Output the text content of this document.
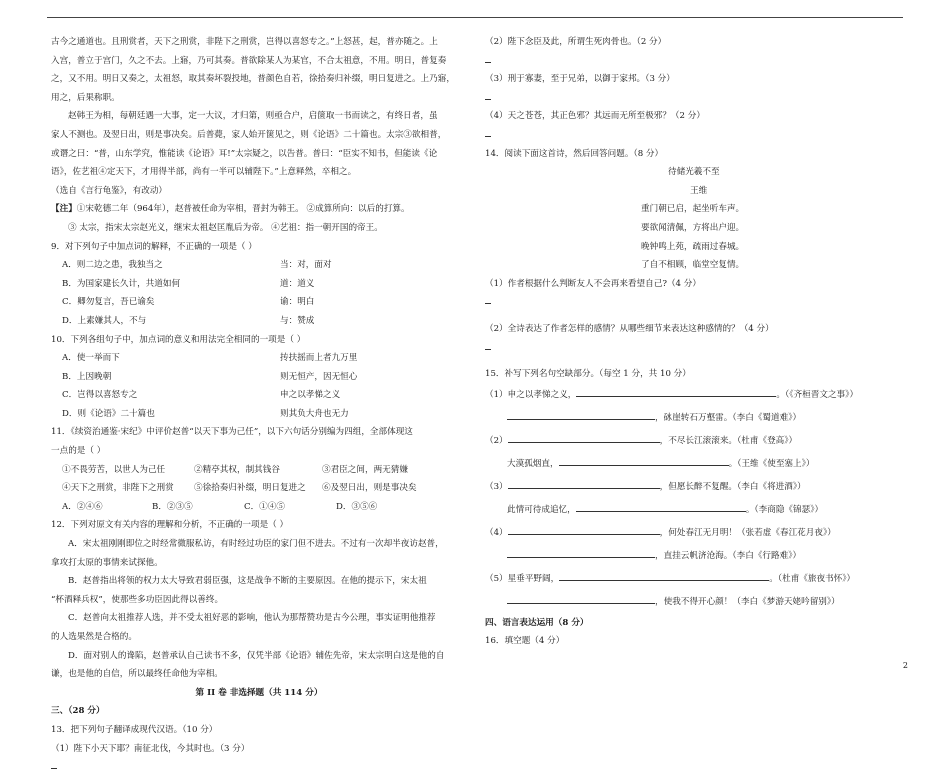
古今之通道也。且刑赏者，天下之刑赏，非陛下之刑赏，岂得以喜怒专之。”上怒甚，起，普亦随之。上
入宫，普立于宫门，久之不去。上寤，乃可其奏。普欲除某人为某官，不合太祖意，不用。明日，普复奏
之，又不用。明日又奏之，太祖怒，取其奏坏裂投地，普颜色自若，徐拾奏归补缀，明日复进之。上乃寤，
用之，后果称职。
赵韩王为相，每朝廷遇一大事，定一大议，才归第，则亟合户，启箧取一书而读之，有终日者，虽
家人不测也。及翌日出，则是事决矣。后普薨，家人始开箧见之，则《论语》二十篇也。太宗③欲相普，
或谮之曰：“普，山东学究，惟能读《论语》耳!”太宗疑之，以告普。普曰：“臣实不知书，但能读《论
语》，佐艺祖④定天下，才用得半部，尚有一半可以辅陛下。”上意释然，卒相之。
（选自《言行龟鉴》，有改动）
【注】①宋乾德二年（964年），赵普被任命为宰相，晋封为韩王。 ②成算所向：以后的打算。
③ 太宗，指宋太宗赵光义，继宋太祖赵匡胤后为帝。 ④艺祖：指一朝开国的帝王。
9．对下列句子中加点词的解释，不正确的一项是（ ）
A．则二边之患，我独当之	当：对，面对
B．为国家建长久计，共道如何	道：道义
C．卿勿复言，吾已谕矣	谕：明白
D．上素嫌其人，不与	与：赞成
10．下列各组句子中，加点词的意义和用法完全相同的一项是（ ）
A．使一举而下	抟扶摇而上者九万里
B．上因晚朝	则无恒产，因无恒心
C．岂得以喜怒专之	申之以孝悌之义
D．则《论语》二十篇也	则其负大舟也无力
11．《续资治通鉴·宋纪》中评价赵普“以天下事为己任”，以下六句话分别编为四组，全部体现这
一点的是（ ）
①不畏劳苦，以世人为己任	②精亭其权，制其钱谷	③君臣之间，两无猜嫌
④天下之刑赏，非陛下之刑赏	⑤徐拾奏归补缀，明日复进之	⑥及翌日出，则是事决矣
A．②④⑥	B．②③⑤	C．①④⑤	D．③⑤⑥
12．下列对原文有关内容的理解和分析，不正确的一项是（ ）
A．宋太祖刚刚即位之时经常微服私访，有时经过功臣的家门但不进去。不过有一次却半夜访赵普，
拿攻打太原的事情来试探他。
B．赵普指出将领的权力太大导致君弱臣强，这是战争不断的主要原因。在他的提示下，宋太祖
“杯酒释兵权”，使那些多功臣因此得以善终。
C．赵普向太祖推荐人选，并不受太祖好恶的影响，他认为那帮赞功是古今公理，事实证明他推荐
的人选果然是合格的。
D．面对别人的谗陷，赵普承认自己读书不多，仅凭半部《论语》辅佐先帝，宋太宗明白这是他的自
谦，也是他的自信，所以最终任命他为宰相。
第 II 卷 非选择题（共 114 分）
三、（28 分）
13．把下列句子翻译成现代汉语。（10 分）
（1）陛下小天下耶？南征北伐，今其时也。（3 分）
（2）陛下念臣及此，所谓生死肉骨也。（2 分）
（3）刑于寡妻，至于兄弟，以御于家邦。（3 分）
（4）天之苍苍，其正色邪？其远而无所至极邪？（2 分）
14．阅读下面这首诗，然后回答问题。（8 分）
待储光羲不至
王维
重门朝已启，起坐听车声。
要欲闻清佩，方将出户迎。
晚钟鸣上苑，疏雨过春城。
了自不相顾，临堂空复情。
（1）作者根据什么判断友人不会再来看望自己?（4 分）
（2）全诗表达了作者怎样的感情？从哪些细节来表达这种感情的？（4 分）
15．补写下列名句空缺部分。（每空 1 分，共 10 分）
（1）申之以孝悌之义，	。（《齐桓晋文之事》）
，砯崖转石万壑雷。（李白《蜀道难》）
（2）	，不尽长江滚滚来。（杜甫《登高》）
大漠孤烟直，	。（王维《使至塞上》）
（3）	，但愿长醉不复醒。（李白《将进酒》）
此情可待成追忆，	。（李商隐《锦瑟》）
（4）	，何处春江无月明！（张若虚《春江花月夜》）
，直挂云帆济沧海。（李白《行路难》）
（5）星垂平野阔，	。（杜甫《旅夜书怀》）
，使我不得开心颜！（李白《梦游天姥吟留别》）
四、语言表达运用（8 分）
16．填空题（4 分）
2
